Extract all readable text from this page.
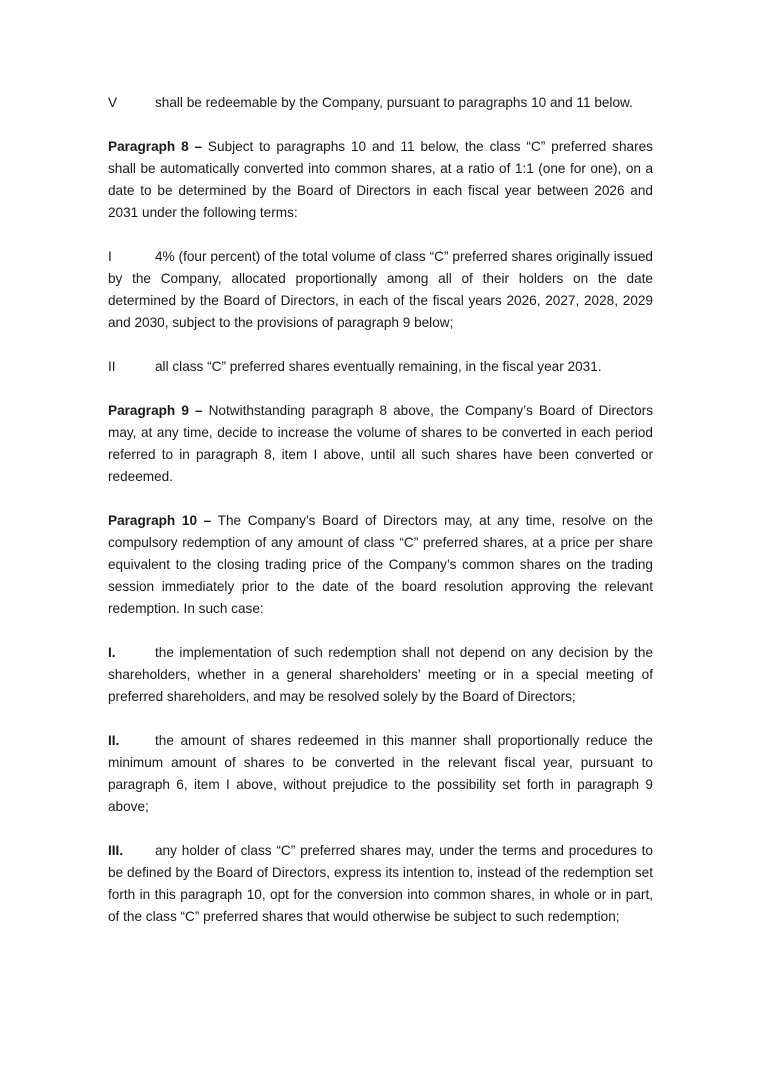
V	shall be redeemable by the Company, pursuant to paragraphs 10 and 11 below.

Paragraph 8 – Subject to paragraphs 10 and 11 below, the class “C” preferred shares shall be automatically converted into common shares, at a ratio of 1:1 (one for one), on a date to be determined by the Board of Directors in each fiscal year between 2026 and 2031 under the following terms:

I	4% (four percent) of the total volume of class “C” preferred shares originally issued by the Company, allocated proportionally among all of their holders on the date determined by the Board of Directors, in each of the fiscal years 2026, 2027, 2028, 2029 and 2030, subject to the provisions of paragraph 9 below;

II	all class “C” preferred shares eventually remaining, in the fiscal year 2031.

Paragraph 9 – Notwithstanding paragraph 8 above, the Company’s Board of Directors may, at any time, decide to increase the volume of shares to be converted in each period referred to in paragraph 8, item I above, until all such shares have been converted or redeemed.

Paragraph 10 – The Company’s Board of Directors may, at any time, resolve on the compulsory redemption of any amount of class “C” preferred shares, at a price per share equivalent to the closing trading price of the Company’s common shares on the trading session immediately prior to the date of the board resolution approving the relevant redemption. In such case:

I.	the implementation of such redemption shall not depend on any decision by the shareholders, whether in a general shareholders’ meeting or in a special meeting of preferred shareholders, and may be resolved solely by the Board of Directors;

II.	the amount of shares redeemed in this manner shall proportionally reduce the minimum amount of shares to be converted in the relevant fiscal year, pursuant to paragraph 6, item I above, without prejudice to the possibility set forth in paragraph 9 above;

III. any holder of class “C” preferred shares may, under the terms and procedures to be defined by the Board of Directors, express its intention to, instead of the redemption set forth in this paragraph 10, opt for the conversion into common shares, in whole or in part, of the class “C” preferred shares that would otherwise be subject to such redemption;
